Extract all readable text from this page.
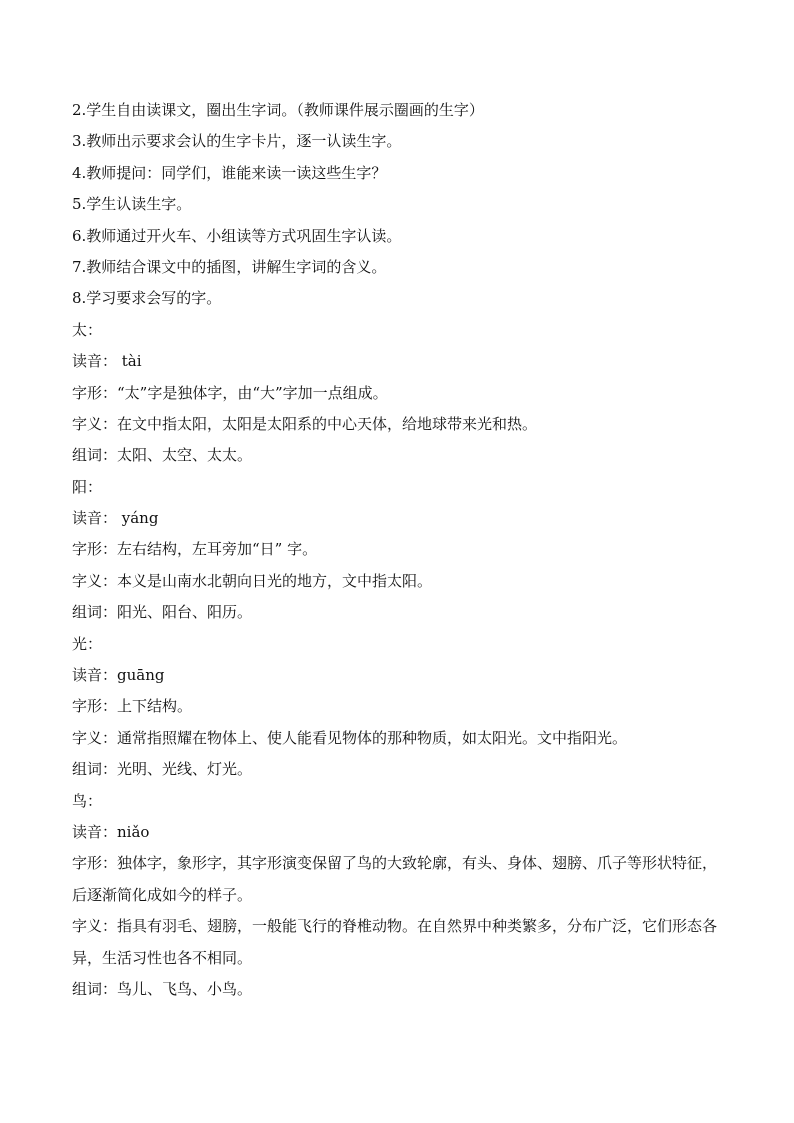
2.学生自由读课文，圈出生字词。（教师课件展示圈画的生字）
3.教师出示要求会认的生字卡片，逐一认读生字。
4.教师提问：同学们，谁能来读一读这些生字？
5.学生认读生字。
6.教师通过开火车、小组读等方式巩固生字认读。
7.教师结合课文中的插图，讲解生字词的含义。
8.学习要求会写的字。
太：
读音： tài
字形：“太”字是独体字，由“大”字加一点组成。
字义：在文中指太阳，太阳是太阳系的中心天体，给地球带来光和热。
组词：太阳、太空、太太。
阳：
读音： yáng
字形：左右结构，左耳旁加“日” 字。
字义：本义是山南水北朝向日光的地方，文中指太阳。
组词：阳光、阳台、阳历。
光：
读音：guāng
字形：上下结构。
字义：通常指照耀在物体上、使人能看见物体的那种物质，如太阳光。文中指阳光。
组词：光明、光线、灯光。
鸟：
读音：niǎo
字形：独体字，象形字，其字形演变保留了鸟的大致轮廓，有头、身体、翅膀、爪子等形状特征，后逐渐简化成如今的样子。
字义：指具有羽毛、翅膀，一般能飞行的脊椎动物。在自然界中种类繁多，分布广泛，它们形态各异，生活习性也各不相同。
组词：鸟儿、飞鸟、小鸟。
